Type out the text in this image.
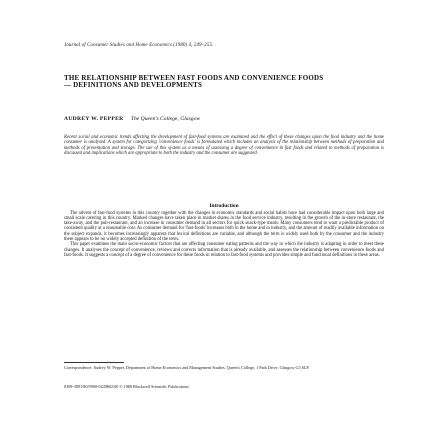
Journal of Consumer Studies and Home Economics (1980) 4, 249–255.
THE RELATIONSHIP BETWEEN FAST FOODS AND CONVENIENCE FOODS— DEFINITIONS AND DEVELOPMENTS
AUDREY W. PEPPER The Queen's College, Glasgow
Recent social and economic trends affecting the development of fast-food systems are examined and the effect of these changes upon the food industry and the home consumer is analysed. A system for categorizing 'convenience foods' is formulated which includes an analysis of the relationship between methods of preparation and methods of presentation and storage. The use of this system as a means of assessing a degree of convenience in fast foods and related to methods of preparation is discussed and implications which are appropriate to both the industry and the consumer are suggested.
Introduction

The advent of fast-food systems in this country together with the changes in economic standards and social habits have had considerable impact upon both large and small scale catering in this country. Marked changes have taken place in market shares in the food service industry, resulting in the growth of the in-store restaurant, the take-away, and the pub-restaurant, and an increase in consumer demand in all sectors for quick snack-type meals. Many consumers tend to want a predictable product of consistent quality at a reasonable cost. As consumer demand for 'fast-foods' increases both in the home and in industry, and the amount of readily available information on the subject expands, it becomes increasingly apparent that lexical definitions are variable, and although the term is widely used both by the consumer and the industry there appears to be no widely accepted definition of the term.

This paper examines the main socio-economic factors that are affecting consumer eating patterns and the way in which the industry is adapting in order to meet these changes. It analyses the concept of convenience, reviews and corrects information that is already available, and assesses the relationship between convenience foods and fast-foods. It suggests a concept of a degree of convenience for these foods in relation to fast-food systems and provides simple and functional definitions in these areas.

Correspondence: Audrey W. Pepper, Department of Home Economics and Management Studies, Queen's College, 1 Park Drive, Glasgow G3 6LP.
0309-3891/80/0900-0249$02.00 © 1980 Blackwell Scientific Publications
